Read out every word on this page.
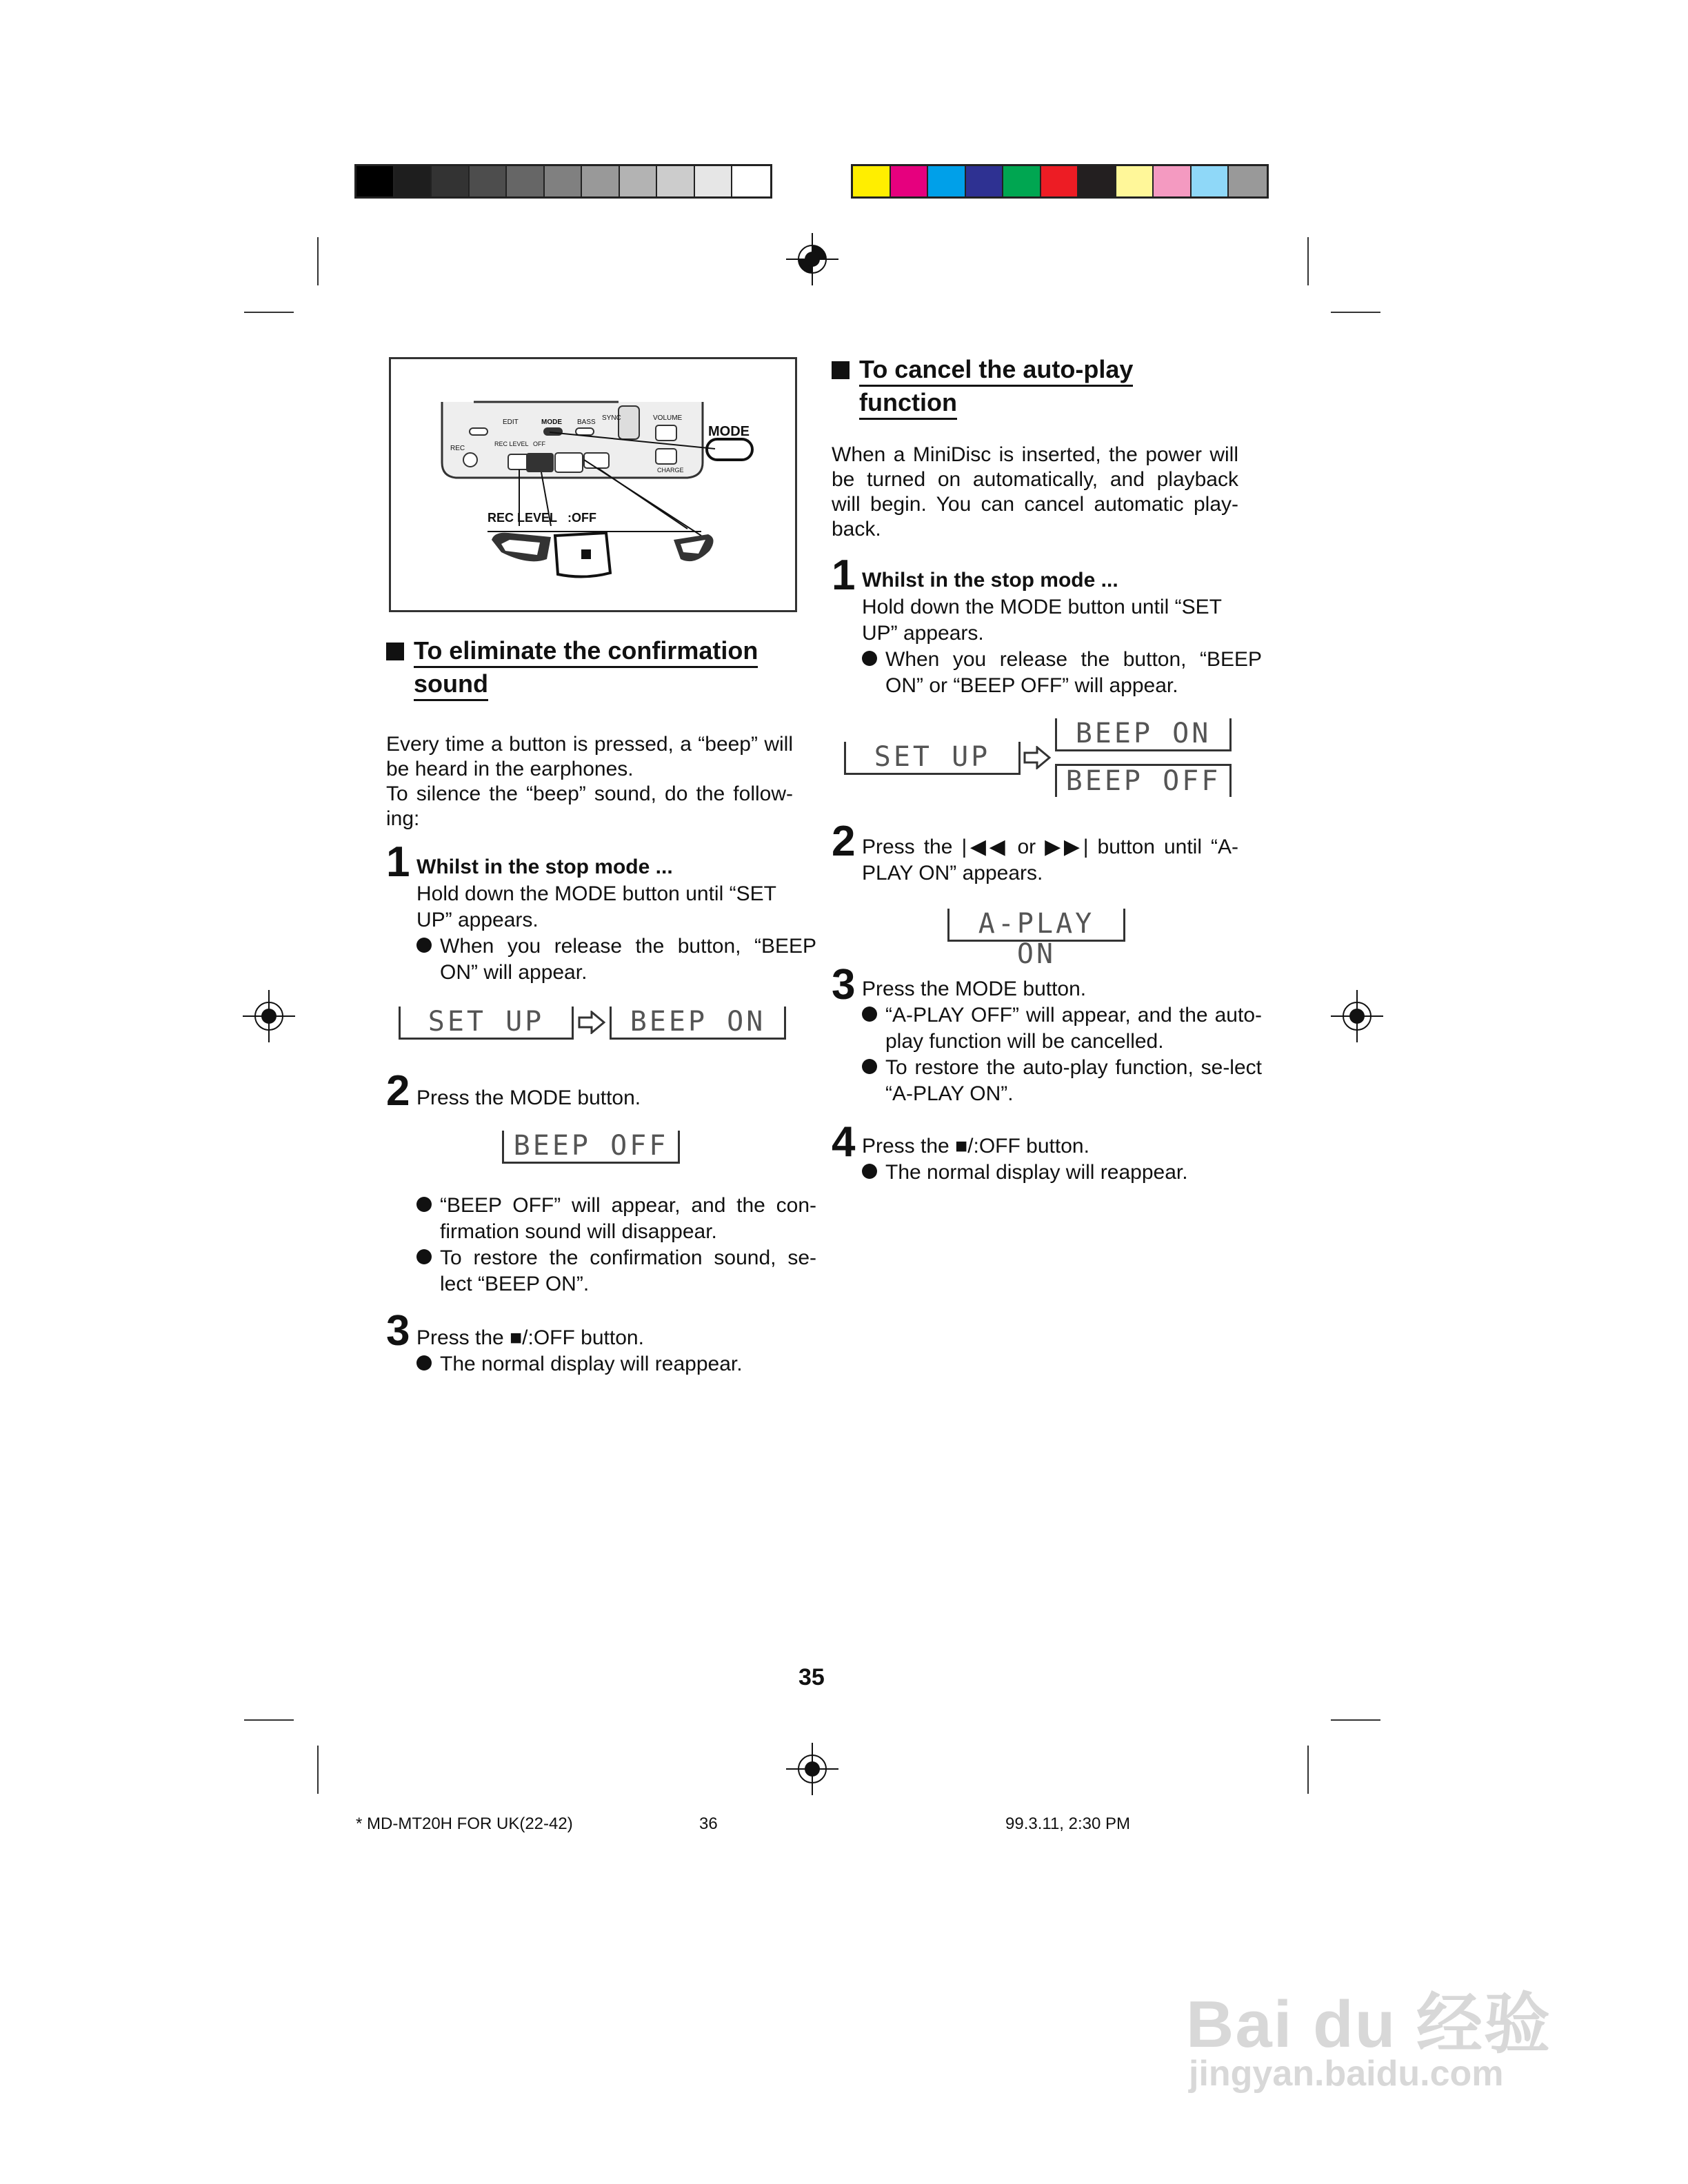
EDIT	MODE BASS
SYNC	VOLUME
REC
REC LEVEL OFF
CHARGE
MODE
REC LEVEL :OFF
To eliminate the confirmation
sound
Every time a button is pressed, a “beep” will be heard in the earphones.
To silence the “beep” sound, do the follow-ing:
1 Whilst in the stop mode ...
Hold down the MODE button until “SET
UP” appears.
When you release the button, “BEEP ON” will appear.
SET UP	BEEP ON
2 Press the MODE button.
BEEP OFF
“BEEP OFF” will appear, and the con-firmation sound will disappear.
To restore the confirmation sound, se-lect “BEEP ON”.
3 Press the ■/:OFF button.
The normal display will reappear.
To cancel the auto-play
function
When a MiniDisc is inserted, the power will be turned on automatically, and playback will begin. You can cancel automatic play-back.
1 Whilst in the stop mode ...
Hold down the MODE button until “SET
UP” appears.
When you release the button, “BEEP ON” or “BEEP OFF” will appear.
SET UP
BEEP ON
BEEP OFF
2 Press the |◀◀ or ▶▶| button until “A-
PLAY ON” appears.
A-PLAY ON
3 Press the MODE button.
“A-PLAY OFF” will appear, and the auto-play function will be cancelled.
To restore the auto-play function, se-lect “A-PLAY ON”.
4 Press the ■/:OFF button.
The normal display will reappear.
35
* MD-MT20H FOR UK(22-42)	36	99.3.11, 2:30 PM
Bai du 经验
jingyan.baidu.com
